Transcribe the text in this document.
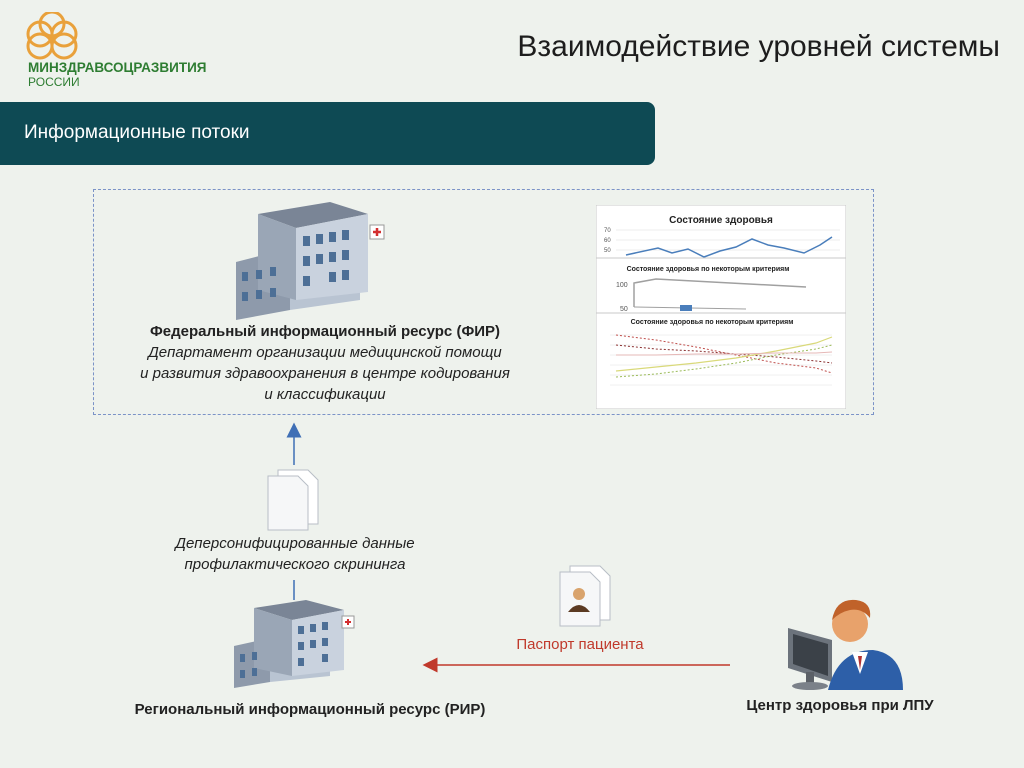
МИНЗДРАВСОЦРАЗВИТИЯ
РОССИИ
Взаимодействие уровней системы
Информационные потоки
Состояние здоровья
70
60
50
Состояние здоровья по некоторым критериям
100
50
Состояние здоровья по некоторым критериям
Федеральный информационный ресурс (ФИР)
Департамент организации медицинской помощи
и развития здравоохранения в центре кодирования
и классификации
Деперсонифицированные данные
профилактического скрининга
Паспорт пациента
Региональный информационный ресурс (РИР)	Центр здоровья при ЛПУ
